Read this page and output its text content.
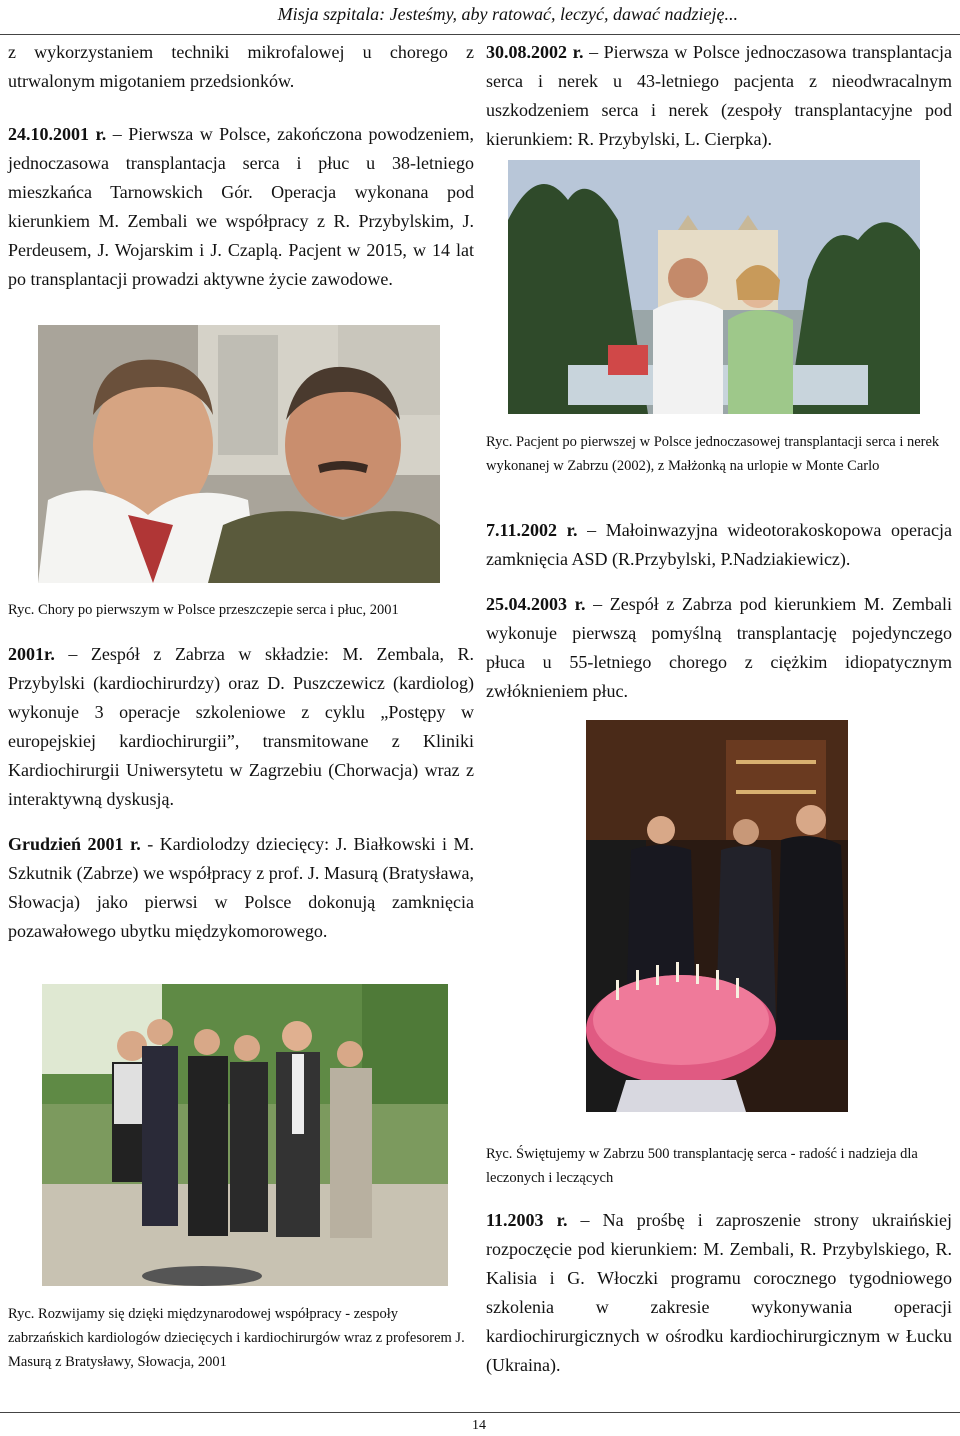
Misja szpitala: Jesteśmy, aby ratować, leczyć, dawać nadzieję...

z wykorzystaniem techniki mikrofalowej u chorego z utrwalonym migotaniem przedsionków.

24.10.2001 r. – Pierwsza w Polsce, zakończona powodzeniem, jednoczasowa transplantacja serca i płuc u 38-letniego mieszkańca Tarnowskich Gór. Operacja wykonana pod kierunkiem M. Zembali we współpracy z R. Przybylskim, J. Perdeusem, J. Wojarskim i J. Czaplą. Pacjent w 2015, w 14 lat po transplantacji prowadzi aktywne życie zawodowe.

Ryc. Chory po pierwszym w Polsce przeszczepie serca i płuc, 2001

2001r. – Zespół z Zabrza w składzie: M. Zembala, R. Przybylski (kardiochirurdzy) oraz D. Puszczewicz (kardiolog) wykonuje 3 operacje szkoleniowe z cyklu „Postępy w europejskiej kardiochirurgii”, transmitowane z Kliniki Kardiochirurgii Uniwersytetu w Zagrzebiu (Chorwacja) wraz z interaktywną dyskusją.

Grudzień 2001 r. - Kardiolodzy dziecięcy: J. Białkowski i M. Szkutnik (Zabrze) we współpracy z prof. J. Masurą (Bratysława, Słowacja) jako pierwsi w Polsce dokonują zamknięcia pozawałowego ubytku międzykomorowego.

Ryc. Rozwijamy się dzięki międzynarodowej współpracy - zespoły zabrzańskich kardiologów dziecięcych i kardiochirurgów wraz z profesorem J. Masurą z Bratysławy, Słowacja, 2001

30.08.2002 r. – Pierwsza w Polsce jednoczasowa transplantacja serca i nerek u 43-letniego pacjenta z nieodwracalnym uszkodzeniem serca i nerek (zespoły transplantacyjne pod kierunkiem: R. Przybylski, L. Cierpka).

Ryc. Pacjent po pierwszej w Polsce jednoczasowej transplantacji serca i nerek wykonanej w Zabrzu (2002), z Małżonką na urlopie w Monte Carlo

7.11.2002 r. – Małoinwazyjna wideotorakoskopowa operacja zamknięcia ASD (R.Przybylski, P.Nadziakiewicz).

25.04.2003 r. – Zespół z Zabrza pod kierunkiem M. Zembali wykonuje pierwszą pomyślną transplantację pojedynczego płuca u 55-letniego chorego z ciężkim idiopatycznym zwłóknieniem płuc.

Ryc. Świętujemy w Zabrzu 500 transplantację serca - radość i nadzieja dla leczonych i leczących

11.2003 r. – Na prośbę i zaproszenie strony ukraińskiej rozpoczęcie pod kierunkiem: M. Zembali, R. Przybylskiego, R. Kalisia i G. Włoczki programu corocznego tygodniowego szkolenia w zakresie wykonywania operacji kardiochirurgicznych w ośrodku kardiochirurgicznym w Łucku (Ukraina).

14
